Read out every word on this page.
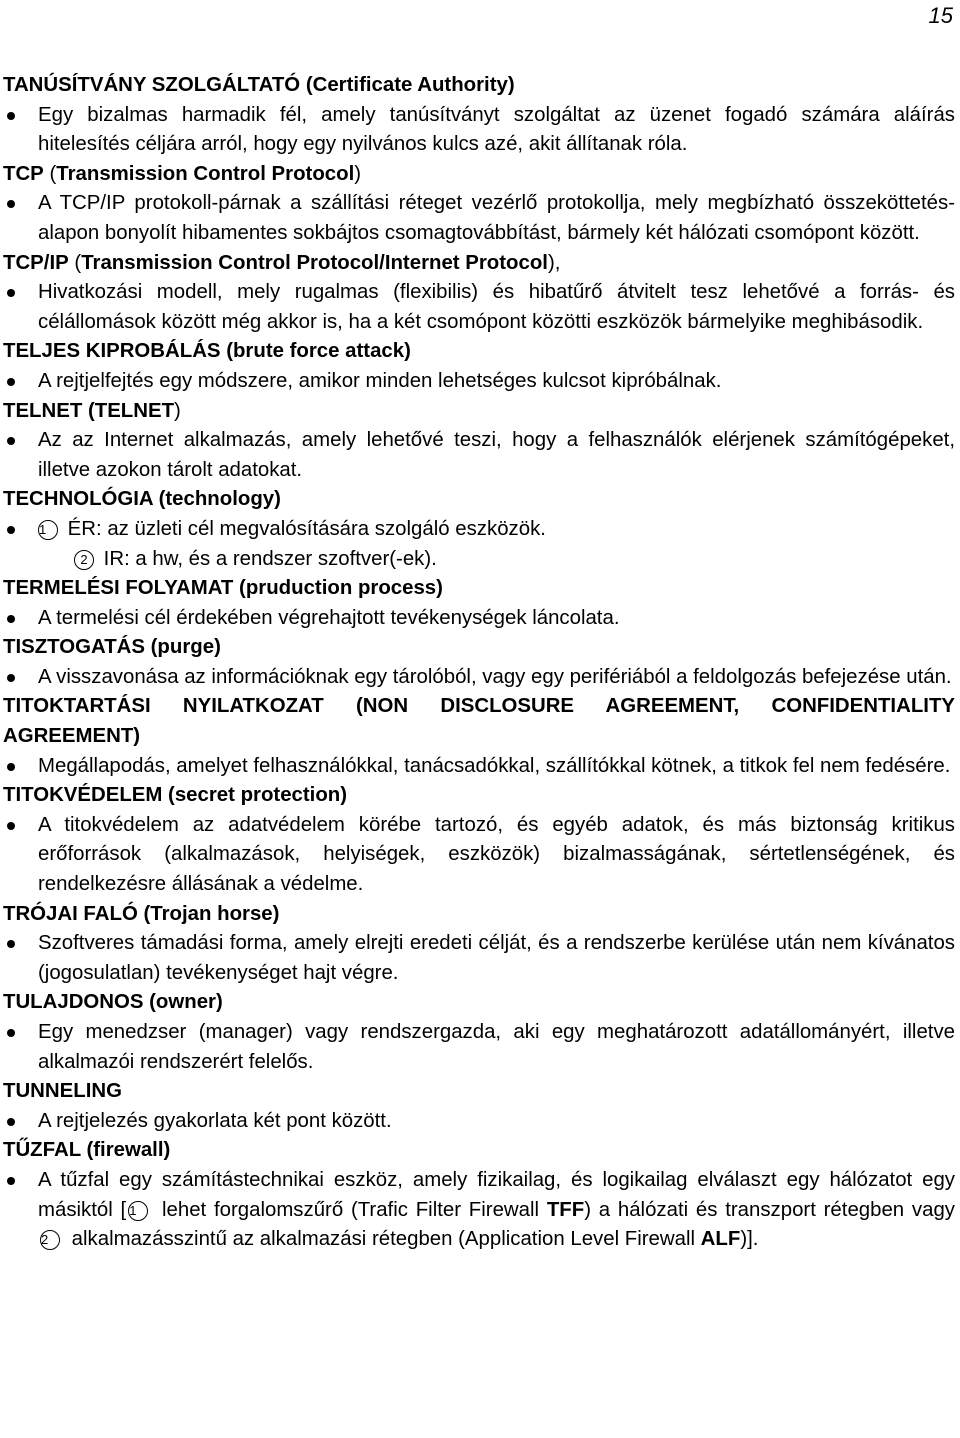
15

TANÚSÍTVÁNY SZOLGÁLTATÓ (Certificate Authority)

Egy bizalmas harmadik fél, amely tanúsítványt szolgáltat az üzenet fogadó számára aláírás hitelesítés céljára arról, hogy egy nyilvános kulcs azé, akit állítanak róla.

TCP (Transmission Control Protocol)

A TCP/IP protokoll-párnak a szállítási réteget vezérlő protokollja, mely megbízható összeköttetés-alapon bonyolít hibamentes sokbájtos csomagtovábbítást, bármely két hálózati csomópont között.

TCP/IP (Transmission Control Protocol/Internet Protocol),

Hivatkozási modell, mely rugalmas (flexibilis) és hibatűrő átvitelt tesz lehetővé a forrás- és célállomások között még akkor is, ha a két csomópont közötti eszközök bármelyike meghibásodik.

TELJES KIPROBÁLÁS (brute force attack)

A rejtjelfejtés egy módszere, amikor minden lehetséges kulcsot kipróbálnak.

TELNET (TELNET)

Az az Internet alkalmazás, amely lehetővé teszi, hogy a felhasználók elérjenek számítógépeket, illetve azokon tárolt adatokat.

TECHNOLÓGIA (technology)

1 ÉR: az üzleti cél megvalósítására szolgáló eszközök.

2 IR: a hw, és a rendszer szoftver(-ek).

TERMELÉSI FOLYAMAT (pruduction process)

A termelési cél érdekében végrehajtott tevékenységek láncolata.

TISZTOGATÁS (purge)

A visszavonása az információknak egy tárolóból, vagy egy perifériából a feldolgozás befejezése után.

TITOKTARTÁSI NYILATKOZAT (NON DISCLOSURE AGREEMENT, CONFIDENTIALITY AGREEMENT)

Megállapodás, amelyet felhasználókkal, tanácsadókkal, szállítókkal kötnek, a titkok fel nem fedésére.

TITOKVÉDELEM (secret protection)

A titokvédelem az adatvédelem körébe tartozó, és egyéb adatok, és más biztonság kritikus erőforrások (alkalmazások, helyiségek, eszközök) bizalmasságának, sértetlenségének, és rendelkezésre állásának a védelme.

TRÓJAI FALÓ (Trojan horse)

Szoftveres támadási forma, amely elrejti eredeti célját, és a rendszerbe kerülése után nem kívánatos (jogosulatlan) tevékenységet hajt végre.

TULAJDONOS (owner)

Egy menedzser (manager) vagy rendszergazda, aki egy meghatározott adatállományért, illetve alkalmazói rendszerért felelős.

TUNNELING

A rejtjelezés gyakorlata két pont között.

TŰZFAL (firewall)

A tűzfal egy számítástechnikai eszköz, amely fizikailag, és logikailag elválaszt egy hálózatot egy másiktól [ 1 lehet forgalomszűrő (Trafic Filter Firewall TFF) a hálózati és transzport rétegben vagy 2 alkalmazásszintű az alkalmazási rétegben (Application Level Firewall ALF)].
